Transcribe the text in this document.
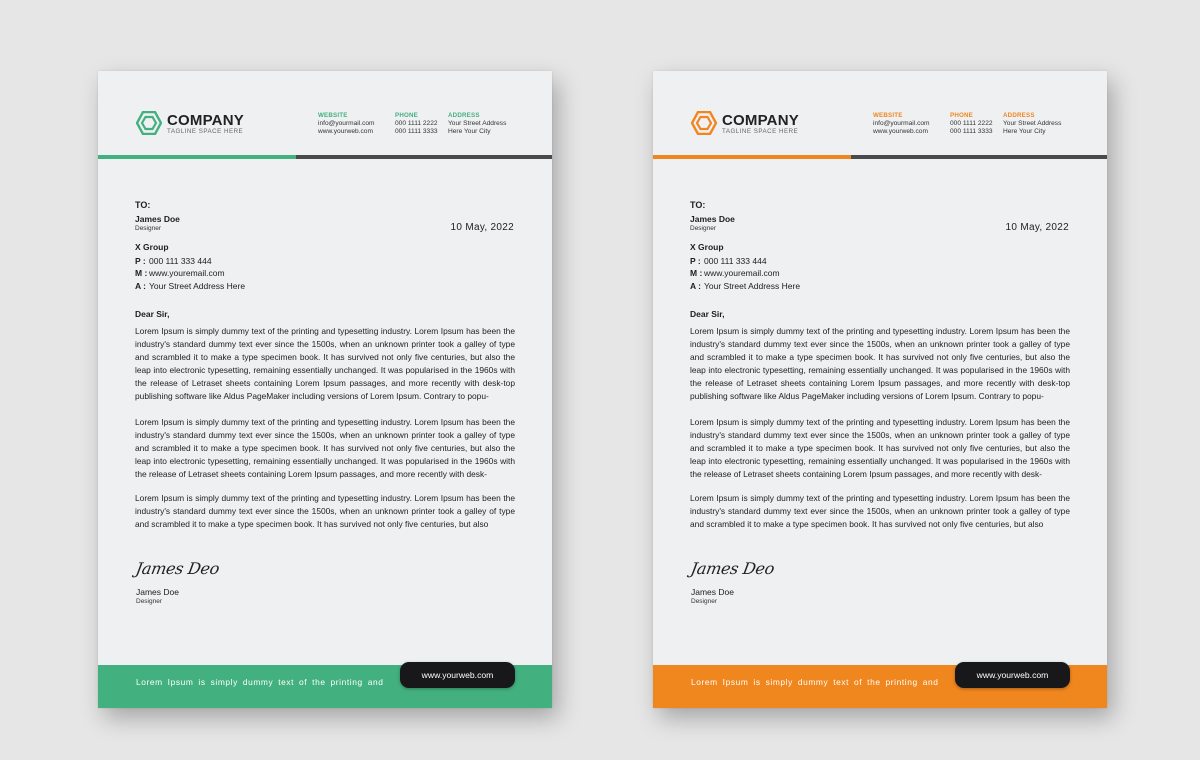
COMPANY
TAGLINE SPACE HERE
WEBSITE
info@yourmail.com
www.yourweb.com
PHONE
000 1111 2222
000 1111 3333
ADDRESS
Your Street Address
Here Your City
TO:
James Doe
Designer	10 May, 2022
X Group
P : 000 111 333 444
M : www.youremail.com
A : Your Street Address Here
Dear Sir,
Lorem Ipsum is simply dummy text of the printing and typesetting industry. Lorem Ipsum has been the industry's standard dummy text ever since the 1500s, when an unknown printer took a galley of type and scrambled it to make a type specimen book. It has survived not only five centuries, but also the leap into electronic typesetting, remaining essentially unchanged. It was popularised in the 1960s with the release of Letraset sheets containing Lorem Ipsum passages, and more recently with desk-top publishing software like Aldus PageMaker including versions of Lorem Ipsum. Contrary to popu-
Lorem Ipsum is simply dummy text of the printing and typesetting industry. Lorem Ipsum has been the industry's standard dummy text ever since the 1500s, when an unknown printer took a galley of type and scrambled it to make a type specimen book. It has survived not only five centuries, but also the leap into electronic typesetting, remaining essentially unchanged. It was popularised in the 1960s with the release of Letraset sheets containing Lorem Ipsum passages, and more recently with desk-
Lorem Ipsum is simply dummy text of the printing and typesetting industry. Lorem Ipsum has been the industry's standard dummy text ever since the 1500s, when an unknown printer took a galley of type and scrambled it to make a type specimen book. It has survived not only five centuries, but also
James Deo
James Doe
Designer
Lorem Ipsum is simply dummy text of the printing and
www.yourweb.com
COMPANY
TAGLINE SPACE HERE
WEBSITE
info@yourmail.com
www.yourweb.com
PHONE
000 1111 2222
000 1111 3333
ADDRESS
Your Street Address
Here Your City
TO:
James Doe
Designer	10 May, 2022
X Group
P : 000 111 333 444
M : www.youremail.com
A : Your Street Address Here
Dear Sir,
Lorem Ipsum is simply dummy text of the printing and typesetting industry. Lorem Ipsum has been the industry's standard dummy text ever since the 1500s, when an unknown printer took a galley of type and scrambled it to make a type specimen book. It has survived not only five centuries, but also the leap into electronic typesetting, remaining essentially unchanged. It was popularised in the 1960s with the release of Letraset sheets containing Lorem Ipsum passages, and more recently with desk-top publishing software like Aldus PageMaker including versions of Lorem Ipsum. Contrary to popu-
Lorem Ipsum is simply dummy text of the printing and typesetting industry. Lorem Ipsum has been the industry's standard dummy text ever since the 1500s, when an unknown printer took a galley of type and scrambled it to make a type specimen book. It has survived not only five centuries, but also the leap into electronic typesetting, remaining essentially unchanged. It was popularised in the 1960s with the release of Letraset sheets containing Lorem Ipsum passages, and more recently with desk-
Lorem Ipsum is simply dummy text of the printing and typesetting industry. Lorem Ipsum has been the industry's standard dummy text ever since the 1500s, when an unknown printer took a galley of type and scrambled it to make a type specimen book. It has survived not only five centuries, but also
James Deo
James Doe
Designer
Lorem Ipsum is simply dummy text of the printing and
www.yourweb.com
